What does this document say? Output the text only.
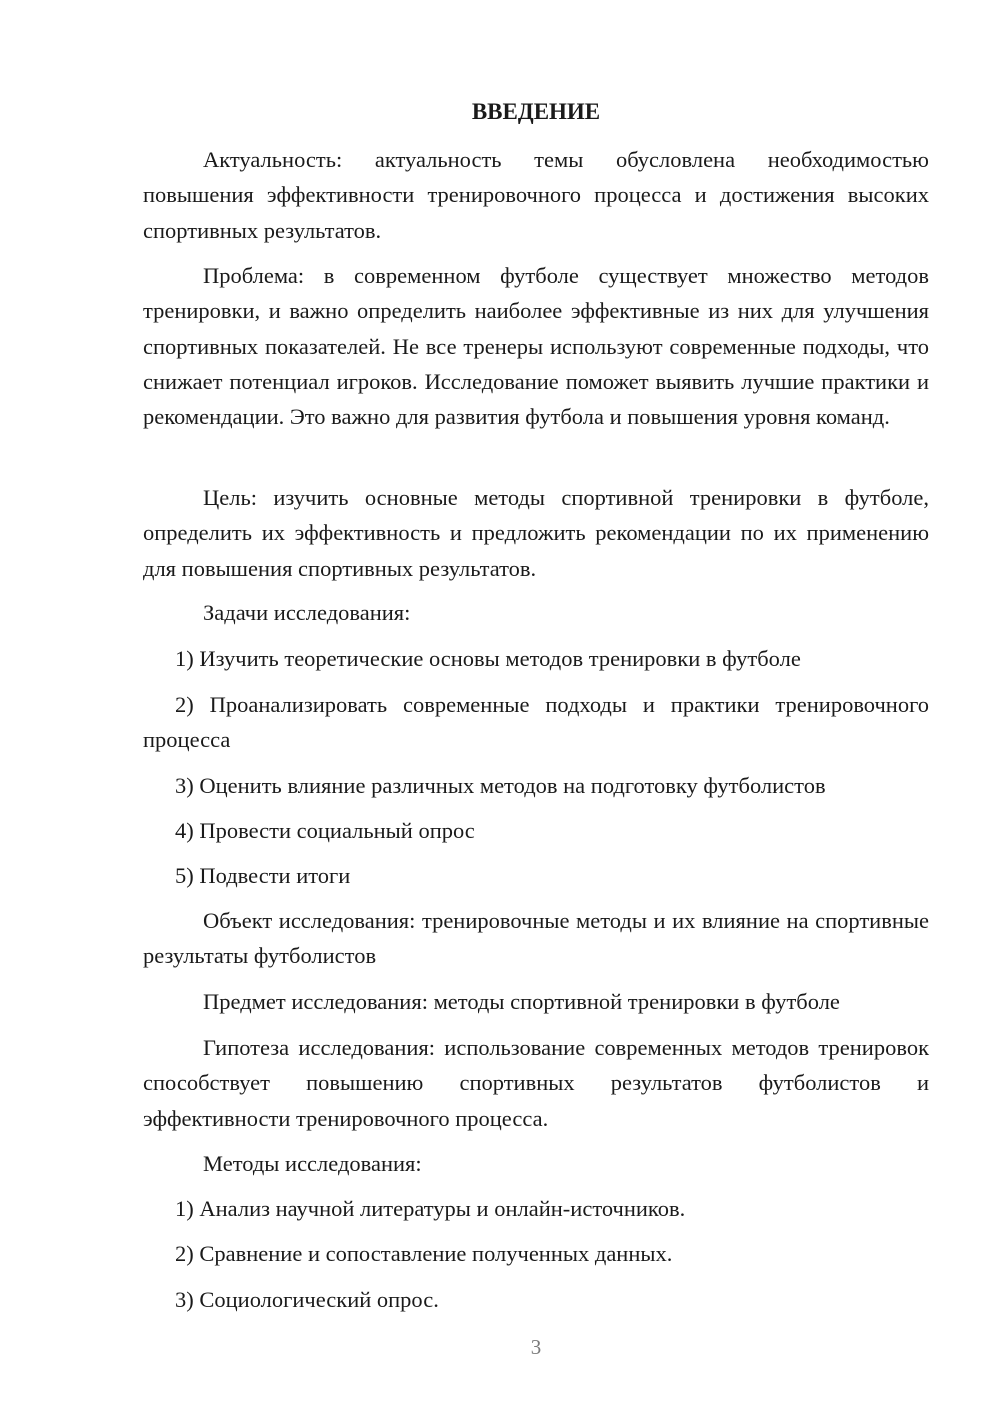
ВВЕДЕНИЕ

Актуальность: актуальность темы обусловлена необходимостью повышения эффективности тренировочного процесса и достижения высоких спортивных результатов.

Проблема: в современном футболе существует множество методов тренировки, и важно определить наиболее эффективные из них для улучшения спортивных показателей. Не все тренеры используют современные подходы, что снижает потенциал игроков. Исследование поможет выявить лучшие практики и рекомендации. Это важно для развития футбола и повышения уровня команд.

Цель: изучить основные методы спортивной тренировки в футболе, определить их эффективность и предложить рекомендации по их применению для повышения спортивных результатов.

Задачи исследования:

1) Изучить теоретические основы методов тренировки в футболе

2) Проанализировать современные подходы и практики тренировочного процесса

3) Оценить влияние различных методов на подготовку футболистов

4) Провести социальный опрос

5) Подвести итоги

Объект исследования: тренировочные методы и их влияние на спортивные результаты футболистов

Предмет исследования: методы спортивной тренировки в футболе

Гипотеза исследования: использование современных методов тренировок способствует повышению спортивных результатов футболистов и эффективности тренировочного процесса.

Методы исследования:

1) Анализ научной литературы и онлайн-источников.

2) Сравнение и сопоставление полученных данных.

3) Социологический опрос.

3
